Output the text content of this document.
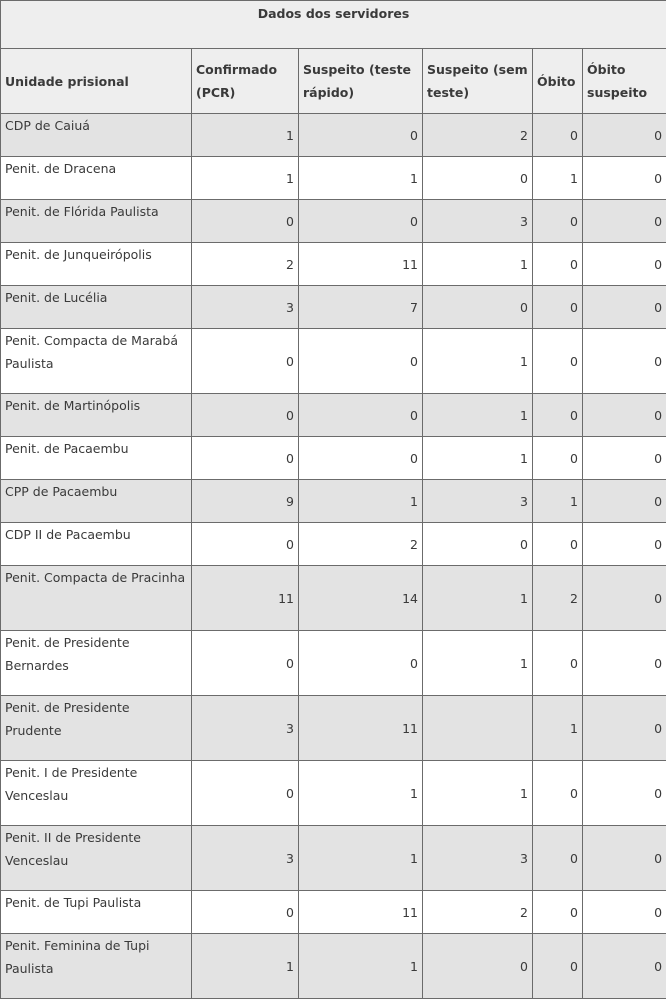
Dados dos servidores					
Unidade prisional	Confirmado (PCR)	Suspeito (teste rápido)	Suspeito (sem teste)	Óbito	Óbito suspeito
CDP de Caiuá	1	0	2	0	0
Penit. de Dracena	1	1	0	1	0
Penit. de Flórida Paulista	0	0	3	0	0
Penit. de Junqueirópolis	2	11	1	0	0
Penit. de Lucélia	3	7	0	0	0
Penit. Compacta de Marabá Paulista	0	0	1	0	0
Penit. de Martinópolis	0	0	1	0	0
Penit. de Pacaembu	0	0	1	0	0
CPP de Pacaembu	9	1	3	1	0
CDP II de Pacaembu	0	2	0	0	0
Penit. Compacta de Pracinha	11	14	1	2	0
Penit. de Presidente Bernardes	0	0	1	0	0
Penit. de Presidente Prudente	3	11		1	0
Penit. I de Presidente Venceslau	0	1	1	0	0
Penit. II de Presidente Venceslau	3	1	3	0	0
Penit. de Tupi Paulista	0	11	2	0	0
Penit. Feminina de Tupi Paulista	1	1	0	0	0
